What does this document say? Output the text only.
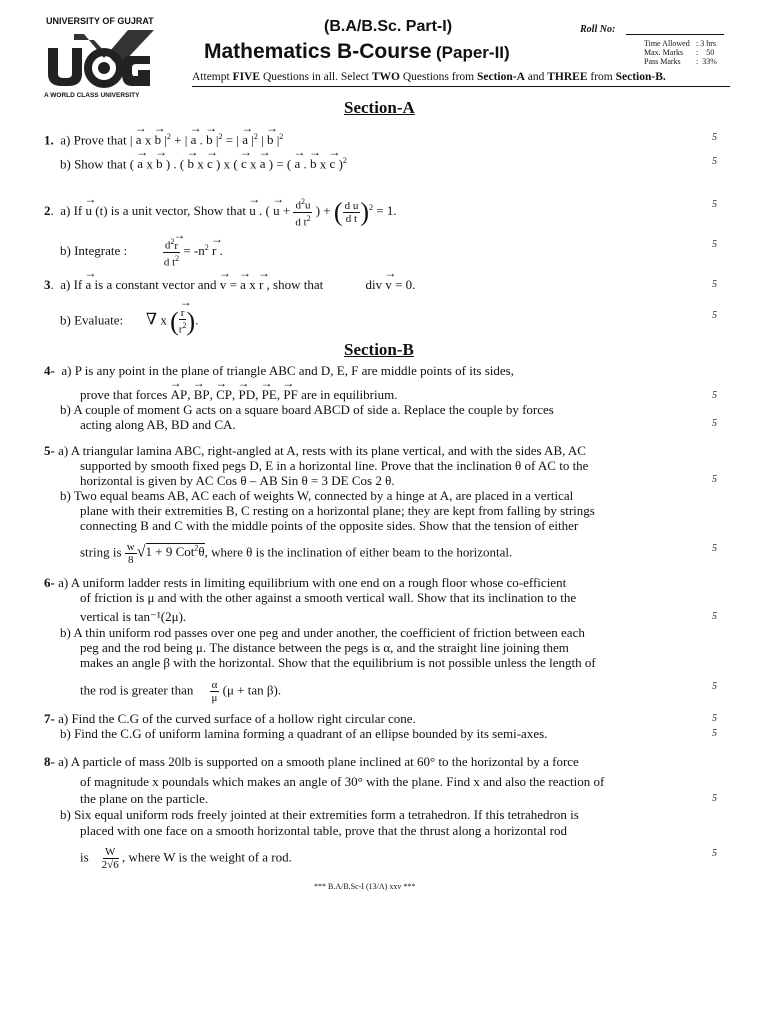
UNIVERSITY OF GUJRAT
A WORLD CLASS UNIVERSITY
(B.A/B.Sc. Part-I)
Mathematics B-Course (Paper-II)
Roll No:
Time Allowed : 3 hrs
Max. Marks :    50
Pass Marks :  33%
Attempt FIVE Questions in all. Select TWO Questions from Section-A and THREE from Section-B.
Section-A
1.  a) Prove that | → a x → b $|^2$ + | → a . → b $|^2$ = | → a $|^2$ | → b $|^2$
b) Show that ( → a x → b ) . ( → b x → c ) x ( → c x → a ) = ( → a . → b x → c )$^2$
2.  a) If → u (t) is a unit vector, Show that → u . ( → $u + \frac{d^2u}{d t^2}$ ) + ( $\frac{\text{d u}}{\text{d t}} )^2 = 1$.
b) Integrate : $\frac{d^2\to r}{d t^2} = -n^2 \to r$ .
3.  a) If → a is a constant vector and → v = → a x → r , show that             div → v = 0.
b) Evaluate:       ∇ x ( → $\frac{r}{r^2}$ ).
5
5
5
5
5
5
Section-B
4- a) P is any point in the plane of triangle ABC and D, E, F are middle points of its sides,
prove that forces → AP, → BP, → CP, → PD, → PE, → PF are in equilibrium.
b) A couple of moment G acts on a square board ABCD of side a. Replace the couple by forces
acting along AB, BD and CA.
5
5
5- a) A triangular lamina ABC, right-angled at A, rests with its plane vertical, and with the sides AB, AC
supported by smooth fixed pegs D, E in a horizontal line. Prove that the inclination θ of AC to the
horizontal is given by AC Cos θ – AB Sin θ = 3 DE Cos 2 θ.
b) Two equal beams AB, AC each of weights W, connected by a hinge at A, are placed in a vertical
plane with their extremities B, C resting on a horizontal plane; they are kept from falling by strings
connecting B and C with the middle points of the opposite sides. Show that the tension of either
string is $\frac{w}{8} √1 + 9$ Cot$^2$θ, where θ is the inclination of either beam to the horizontal.
5
5
6- a) A uniform ladder rests in limiting equilibrium with one end on a rough floor whose co-efficient
of friction is μ and with the other against a smooth vertical wall. Show that its inclination to the
vertical is tan⁻¹(2μ).
b) A thin uniform rod passes over one peg and under another, the coefficient of friction between each
peg and the rod being μ. The distance between the pegs is α, and the straight line joining them
makes an angle β with the horizontal. Show that the equilibrium is not possible unless the length of
the rod is greater than $\frac{\alpha}{\mu} (\mu + \tan \beta)$.
5
5
7- a) Find the C.G of the curved surface of a hollow right circular cone.
b) Find the C.G of uniform lamina forming a quadrant of an ellipse bounded by its semi-axes.
5
5
8- a) A particle of mass 20lb is supported on a smooth plane inclined at 60° to the horizontal by a force
of magnitude x poundals which makes an angle of 30° with the plane. Find x and also the reaction of
the plane on the particle.
b) Six equal uniform rods freely jointed at their extremities form a tetrahedron. If this tetrahedron is
placed with one face on a smooth horizontal table, prove that the thrust along a horizontal rod
is $\frac{W}{2√6}$ , where W is the weight of a rod.
5
5
*** B.A/B.Sc-I (13/A) xxv ***
